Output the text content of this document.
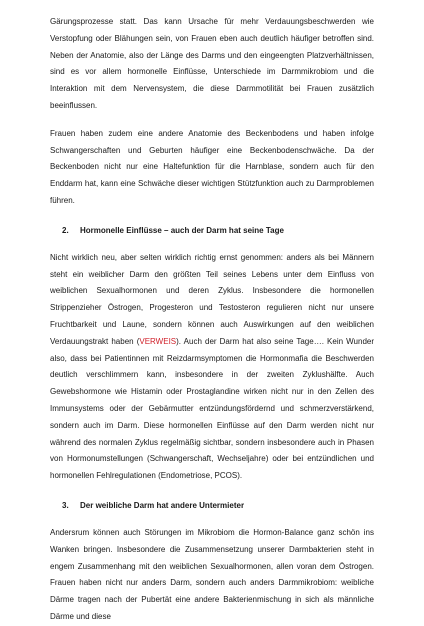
Gärungsprozesse statt. Das kann Ursache für mehr Verdauungsbeschwerden wie Verstopfung oder Blähungen sein, von Frauen eben auch deutlich häufiger betroffen sind. Neben der Anatomie, also der Länge des Darms und den eingeengten Platzverhältnissen, sind es vor allem hormonelle Einflüsse, Unterschiede im Darmmikrobiom und die Interaktion mit dem Nervensystem, die diese Darmmotilität bei Frauen zusätzlich beeinflussen.

Frauen haben zudem eine andere Anatomie des Beckenbodens und haben infolge Schwangerschaften und Geburten häufiger eine Beckenbodenschwäche. Da der Beckenboden nicht nur eine Haltefunktion für die Harnblase, sondern auch für den Enddarm hat, kann eine Schwäche dieser wichtigen Stützfunktion auch zu Darmproblemen führen.

2. Hormonelle Einflüsse – auch der Darm hat seine Tage

Nicht wirklich neu, aber selten wirklich richtig ernst genommen: anders als bei Männern steht ein weiblicher Darm den größten Teil seines Lebens unter dem Einfluss von weiblichen Sexualhormonen und deren Zyklus. Insbesondere die hormonellen Strippenzieher Östrogen, Progesteron und Testosteron regulieren nicht nur unsere Fruchtbarkeit und Laune, sondern können auch Auswirkungen auf den weiblichen Verdauungstrakt haben (VERWEIS). Auch der Darm hat also seine Tage…. Kein Wunder also, dass bei Patientinnen mit Reizdarmsymptomen die Hormonmafia die Beschwerden deutlich verschlimmern kann, insbesondere in der zweiten Zyklushälfte. Auch Gewebshormone wie Histamin oder Prostaglandine wirken nicht nur in den Zellen des Immunsystems oder der Gebärmutter entzündungsfördernd und schmerzverstärkend, sondern auch im Darm. Diese hormonellen Einflüsse auf den Darm werden nicht nur während des normalen Zyklus regelmäßig sichtbar, sondern insbesondere auch in Phasen von Hormonumstellungen (Schwangerschaft, Wechseljahre) oder bei entzündlichen und hormonellen Fehlregulationen (Endometriose, PCOS).

3. Der weibliche Darm hat andere Untermieter

Andersrum können auch Störungen im Mikrobiom die Hormon-Balance ganz schön ins Wanken bringen. Insbesondere die Zusammensetzung unserer Darmbakterien steht in engem Zusammenhang mit den weiblichen Sexualhormonen, allen voran dem Östrogen. Frauen haben nicht nur anders Darm, sondern auch anders Darmmikrobiom: weibliche Därme tragen nach der Pubertät eine andere Bakterienmischung in sich als männliche Därme und diese
